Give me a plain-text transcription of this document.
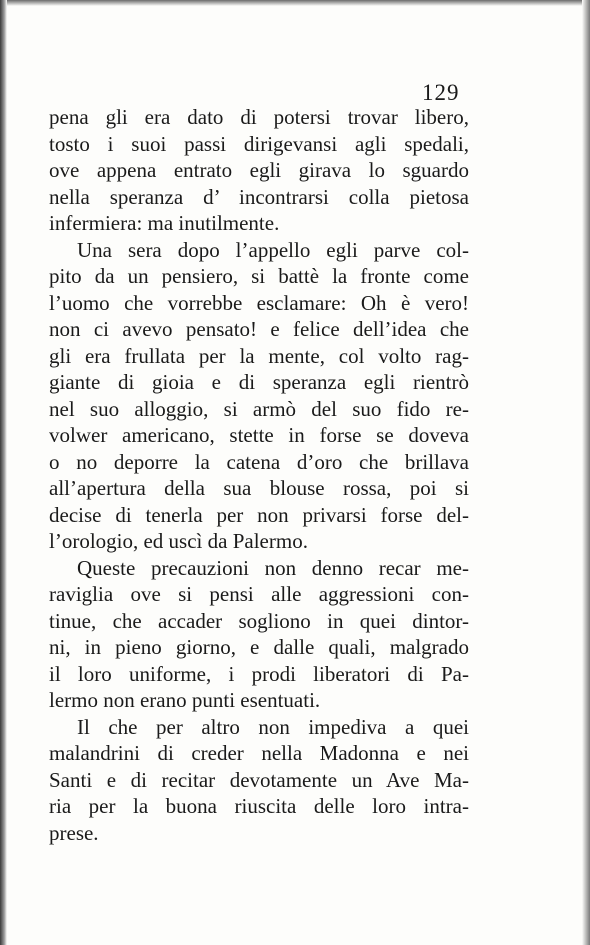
129
pena gli era dato di potersi trovar libero,
tosto i suoi passi dirigevansi agli spedali,
ove appena entrato egli girava lo sguardo
nella speranza d’ incontrarsi colla pietosa
infermiera: ma inutilmente.
Una sera dopo l’appello egli parve col-
pito da un pensiero, si battè la fronte come
l’uomo che vorrebbe esclamare: Oh è vero!
non ci avevo pensato! e felice dell’idea che
gli era frullata per la mente, col volto rag-
giante di gioia e di speranza egli rientrò
nel suo alloggio, si armò del suo fido re-
volwer americano, stette in forse se doveva
o no deporre la catena d’oro che brillava
all’apertura della sua blouse rossa, poi si
decise di tenerla per non privarsi forse del-
l’orologio, ed uscì da Palermo.
Queste precauzioni non denno recar me-
raviglia ove si pensi alle aggressioni con-
tinue, che accader sogliono in quei dintor-
ni, in pieno giorno, e dalle quali, malgrado
il loro uniforme, i prodi liberatori di Pa-
lermo non erano punti esentuati.
Il che per altro non impediva a quei
malandrini di creder nella Madonna e nei
Santi e di recitar devotamente un Ave Ma-
ria per la buona riuscita delle loro intra-
prese.
